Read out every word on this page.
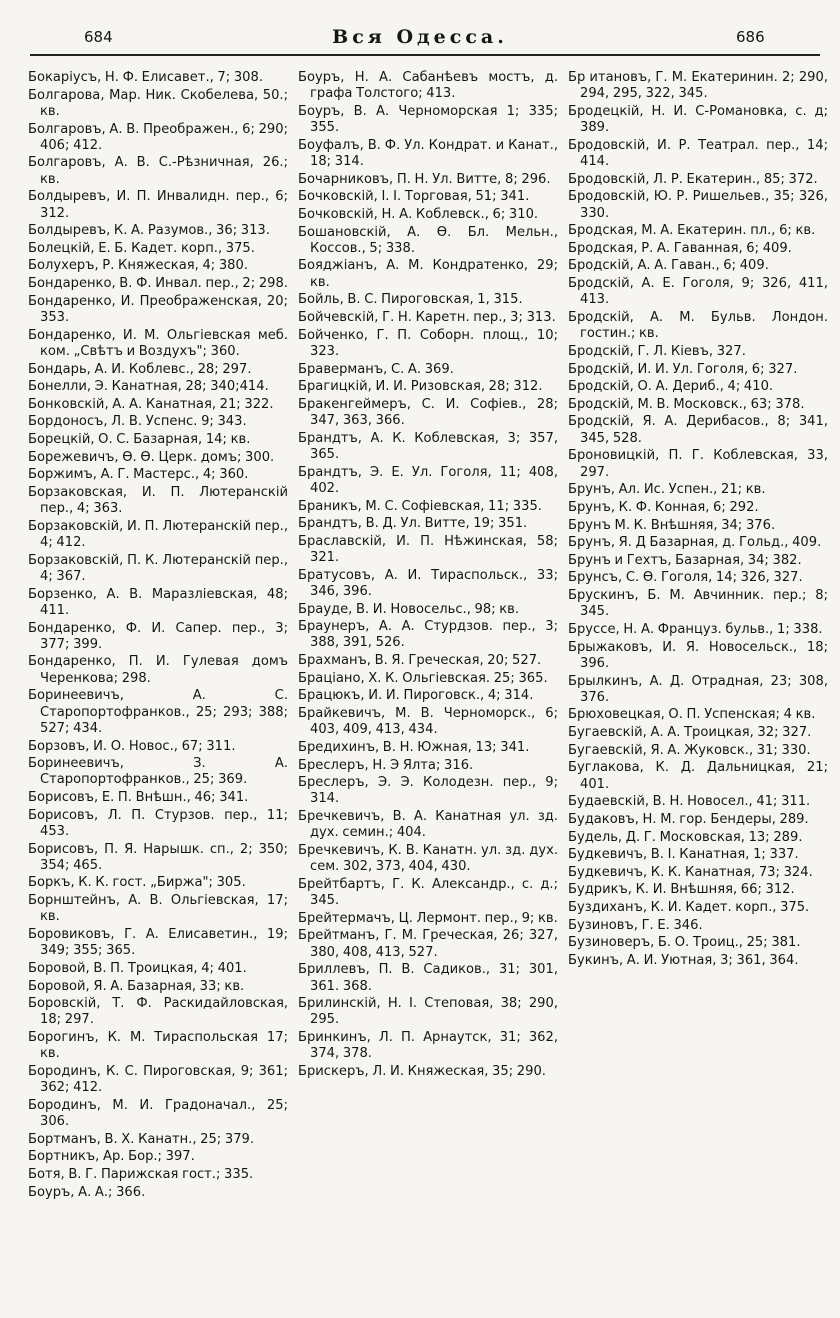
684	Вся Одесса.	686

Бокаріусъ, Н. Ф. Елисавет., 7; 308.

Болгарова, Мар. Ник. Скобелева, 50.; кв.

Болгаровъ, А. В. Преображен., 6; 290; 406; 412.

Болгаровъ, А. В. С.-Рѣзничная, 26.; кв.

Болдыревъ, И. П. Инвалидн. пер., 6; 312.

Болдыревъ, К. А. Разумов., 36; 313.

Болецкій, Е. Б. Кадет. корп., 375.

Болухеръ, Р. Княжеская, 4; 380.

Бондаренко, В. Ф. Инвал. пер., 2; 298.

Бондаренко, И. Преображенская, 20; 353.

Бондаренко, И. М. Ольгіевская меб. ком. „Свѣтъ и Воздухъ"; 360.

Бондарь, А. И. Коблевс., 28; 297.

Бонелли, Э. Канатная, 28; 340;414.

Бонковскій, А. А. Канатная, 21; 322.

Бордоносъ, Л. В. Успенс. 9; 343.

Борецкій, О. С. Базарная, 14; кв.

Борежевичъ, Ѳ. Ѳ. Церк. домъ; 300.

Боржимъ, А. Г. Мастерс., 4; 360.

Борзаковская, И. П. Лютеранскій пер., 4; 363.

Борзаковскій, И. П. Лютеранскій пер., 4; 412.

Борзаковскій, П. К. Лютеранскій пер., 4; 367.

Борзенко, А. В. Маразліевская, 48; 411.

Бондаренко, Ф. И. Сапер. пер., 3; 377; 399.

Бондаренко, П. И. Гулевая домъ Черенкова; 298.

Боринеевичъ, А. С. Старопортофранков., 25; 293; 388; 527; 434.

Борзовъ, И. О. Новос., 67; 311.

Боринеевичъ, З. А. Старопортофранков., 25; 369.

Борисовъ, Е. П. Внѣшн., 46; 341.

Борисовъ, Л. П. Стурзов. пер., 11; 453.

Борисовъ, П. Я. Нарышк. сп., 2; 350; 354; 465.

Боркъ, К. К. гост. „Биржа"; 305.

Борнштейнъ, А. В. Ольгіевская, 17; кв.

Боровиковъ, Г. А. Елисаветин., 19; 349; 355; 365.

Боровой, В. П. Троицкая, 4; 401.

Боровой, Я. А. Базарная, 33; кв.

Боровскій, Т. Ф. Раскидайловская, 18; 297.

Борогинъ, К. М. Тираспольская 17; кв.

Бородинъ, К. С. Пироговская, 9; 361; 362; 412.

Бородинъ, М. И. Градоначал., 25; 306.

Бортманъ, В. Х. Канатн., 25; 379.

Бортникъ, Ар. Бор.; 397.

Ботя, В. Г. Парижская гост.; 335.

Боуръ, А. А.; 366.

Боуръ, Н. А. Сабанѣевъ мостъ, д. графа Толстого; 413.

Боуръ, В. А. Черноморская 1; 335; 355.

Боуфалъ, В. Ф. Ул. Кондрат. и Канат., 18; 314.

Бочарниковъ, П. Н. Ул. Витте, 8; 296.

Бочковскій, І. І. Торговая, 51; 341.

Бочковскій, Н. А. Коблевск., 6; 310.

Бошановскій, А. Ѳ. Бл. Мельн., Коссов., 5; 338.

Бояджіанъ, А. М. Кондратенко, 29; кв.

Бойль, В. С. Пироговская, 1, 315.

Бойчевскій, Г. Н. Каретн. пер., 3; 313.

Бойченко, Г. П. Соборн. площ., 10; 323.

Браверманъ, С. А. 369.

Брагицкій, И. И. Ризовская, 28; 312.

Бракенгеймеръ, С. И. Софіев., 28; 347, 363, 366.

Брандтъ, А. К. Коблевская, 3; 357, 365.

Брандтъ, Э. Е. Ул. Гоголя, 11; 408, 402.

Браникъ, М. С. Софіевская, 11; 335.

Брандтъ, В. Д. Ул. Витте, 19; 351.

Браславскій, И. П. Нѣжинская, 58; 321.

Братусовъ, А. И. Тираспольск., 33; 346, 396.

Брауде, В. И. Новосельс., 98; кв.

Браунеръ, А. А. Стурдзов. пер., 3; 388, 391, 526.

Брахманъ, В. Я. Греческая, 20; 527.

Брацiано, Х. К. Ольгіевская. 25; 365.

Брацюкъ, И. И. Пироговск., 4; 314.

Брайкевичъ, М. В. Черноморск., 6; 403, 409, 413, 434.

Бредихинъ, В. Н. Южная, 13; 341.

Бреслеръ, Н. Э Ялта; 316.

Бреслеръ, Э. Э. Колодезн. пер., 9; 314.

Бречкевичъ, В. А. Канатная ул. зд. дух. семин.; 404.

Бречкевичъ, К. В. Канатн. ул. зд. дух. сем. 302, 373, 404, 430.

Брейтбартъ, Г. К. Александр., с. д.; 345.

Брейтермачъ, Ц. Лермонт. пер., 9; кв.

Брейтманъ, Г. М. Греческая, 26; 327, 380, 408, 413, 527.

Бриллевъ, П. В. Садиков., 31; 301, 361. 368.

Брилинскій, Н. І. Степовая, 38; 290, 295.

Бринкинъ, Л. П. Арнаутск, 31; 362, 374, 378.

Брискеръ, Л. И. Княжеская, 35; 290.

Бр итановъ, Г. М. Екатеринин. 2; 290, 294, 295, 322, 345.

Бродецкій, Н. И. С-Романовка, с. д; 389.

Бродовскій, И. Р. Театрал. пер., 14; 414.

Бродовскій, Л. Р. Екатерин., 85; 372.

Бродовскій, Ю. Р. Ришельев., 35; 326, 330.

Бродская, М. А. Екатерин. пл., 6; кв.

Бродская, Р. А. Гаванная, 6; 409.

Бродскій, А. А. Гаван., 6; 409.

Бродскій, А. Е. Гоголя, 9; 326, 411, 413.

Бродскій, А. М. Бульв. Лондон. гостин.; кв.

Бродскій, Г. Л. Кіевъ, 327.

Бродскій, И. И. Ул. Гоголя, 6; 327.

Бродскій, О. А. Дериб., 4; 410.

Бродскій, М. В. Московск., 63; 378.

Бродскій, Я. А. Дерибасов., 8; 341, 345, 528.

Броновицкій, П. Г. Коблевская, 33, 297.

Брунъ, Ал. Ис. Успен., 21; кв.

Брунъ, К. Ф. Конная, 6; 292.

Брунъ М. К. Внѣшняя, 34; 376.

Брунъ, Я. Д Базарная, д. Гольд., 409.

Брунъ и Гехтъ, Базарная, 34; 382.

Брунсъ, С. Ѳ. Гоголя, 14; 326, 327.

Брускинъ, Б. М. Авчинник. пер.; 8; 345.

Бруссе, Н. А. Француз. бульв., 1; 338.

Брыжаковъ, И. Я. Новосельск., 18; 396.

Брылкинъ, А. Д. Отрадная, 23; 308, 376.

Брюховецкая, О. П. Успенская; 4 кв.

Бугаевскій, А. А. Троицкая, 32; 327.

Бугаевскій, Я. А. Жуковск., 31; 330.

Буглакова, К. Д. Дальницкая, 21; 401.

Будаевскій, В. Н. Новосел., 41; 311.

Будаковъ, Н. М. гор. Бендеры, 289.

Будель, Д. Г. Московская, 13; 289.

Будкевичъ, В. І. Канатная, 1; 337.

Будкевичъ, К. К. Канатная, 73; 324.

Будрикъ, К. И. Внѣшняя, 66; 312.

Буздиханъ, К. И. Кадет. корп., 375.

Бузиновъ, Г. Е. 346.

Бузиноверъ, Б. О. Троиц., 25; 381.

Букинъ, А. И. Уютная, 3; 361, 364.
